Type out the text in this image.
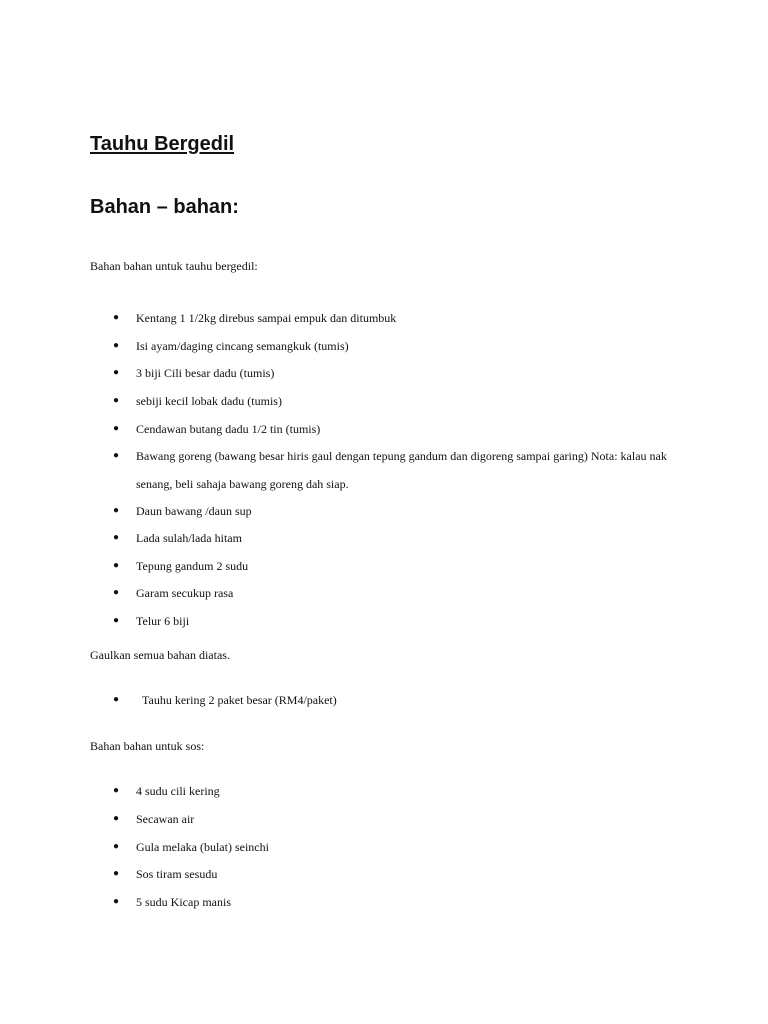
Tauhu Bergedil
Bahan – bahan:

Bahan bahan untuk tauhu bergedil:

● Kentang 1 1/2kg direbus sampai empuk dan ditumbuk
● Isi ayam/daging cincang semangkuk (tumis)
● 3 biji Cili besar dadu (tumis)
● sebiji kecil lobak dadu (tumis)
● Cendawan butang dadu 1/2 tin (tumis)
● Bawang goreng (bawang besar hiris gaul dengan tepung gandum dan digoreng sampai garing) Nota: kalau nak senang, beli sahaja bawang goreng dah siap.
● Daun bawang /daun sup
● Lada sulah/lada hitam
● Tepung gandum 2 sudu
● Garam secukup rasa
● Telur 6 biji

Gaulkan semua bahan diatas.

● Tauhu kering 2 paket besar (RM4/paket)

Bahan bahan untuk sos:

● 4 sudu cili kering
● Secawan air
● Gula melaka (bulat) seinchi
● Sos tiram sesudu
● 5 sudu Kicap manis
